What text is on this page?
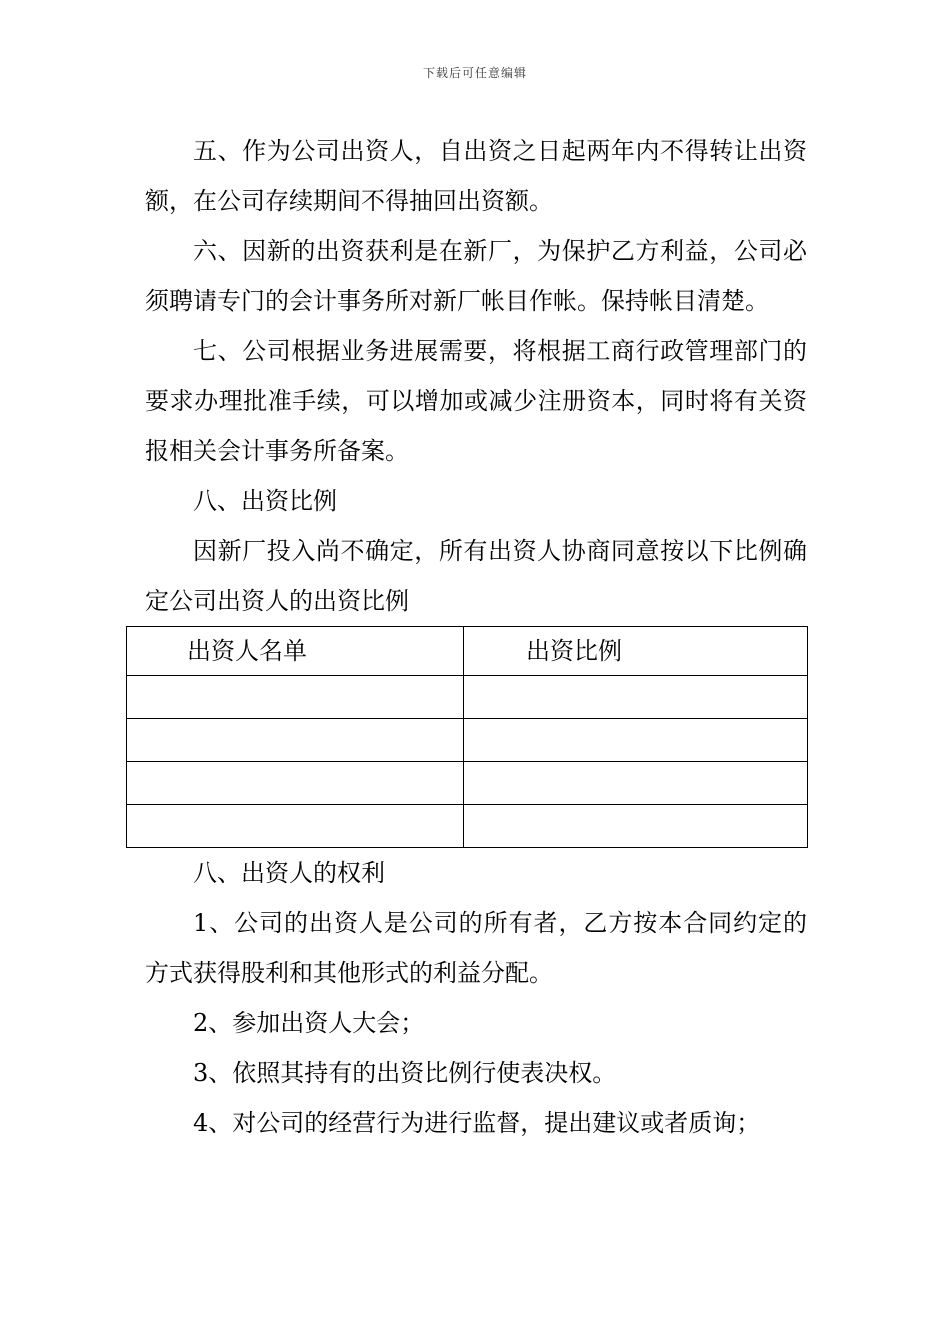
下载后可任意编辑

五、作为公司出资人，自出资之日起两年内不得转让出资额，在公司存续期间不得抽回出资额。

六、因新的出资获利是在新厂，为保护乙方利益，公司必须聘请专门的会计事务所对新厂帐目作帐。保持帐目清楚。

七、公司根据业务进展需要，将根据工商行政管理部门的要求办理批准手续，可以增加或减少注册资本，同时将有关资报相关会计事务所备案。

八、出资比例

因新厂投入尚不确定，所有出资人协商同意按以下比例确定公司出资人的出资比例

出资人名单	出资比例

八、出资人的权利

1、公司的出资人是公司的所有者，乙方按本合同约定的方式获得股利和其他形式的利益分配。

2、参加出资人大会；

3、依照其持有的出资比例行使表决权。

4、对公司的经营行为进行监督，提出建议或者质询；
